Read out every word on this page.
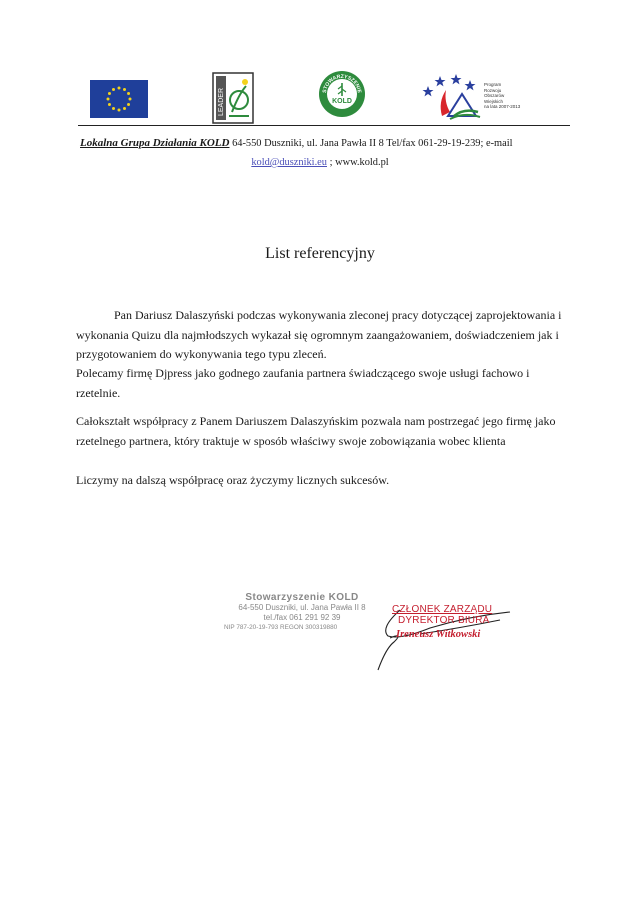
LEADER	STOWARZYSZENIE
KOLD
Program
Rozwoju
Obszarów
Wiejskich
na lata 2007-2013
Lokalna Grupa Działania KOLD 64-550 Duszniki, ul. Jana Pawła II 8 Tel/fax 061-29-19-239; e-mail
kold@duszniki.eu ; www.kold.pl
List referencyjny

Pan Dariusz Dalaszyński podczas wykonywania zleconej pracy dotyczącej zaprojektowania i wykonania Quizu dla najmłodszych wykazał się ogromnym zaangażowaniem, doświadczeniem jak i przygotowaniem do wykonywania tego typu zleceń.

Polecamy firmę Djpress jako godnego zaufania partnera świadczącego swoje usługi fachowo i rzetelnie.

Całokształt współpracy z Panem Dariuszem Dalaszyńskim pozwala nam postrzegać jego firmę jako rzetelnego partnera, który traktuje w sposób właściwy swoje zobowiązania wobec klienta

Liczymy na dalszą współpracę oraz życzymy licznych sukcesów.

Stowarzyszenie KOLD
64-550 Duszniki, ul. Jana Pawła II 8
tel./fax 061 291 92 39
NIP 787-20-19-793 REGON 300319880
CZŁONEK ZARZĄDU
DYREKTOR BIURA
Ireneusz Witkowski
